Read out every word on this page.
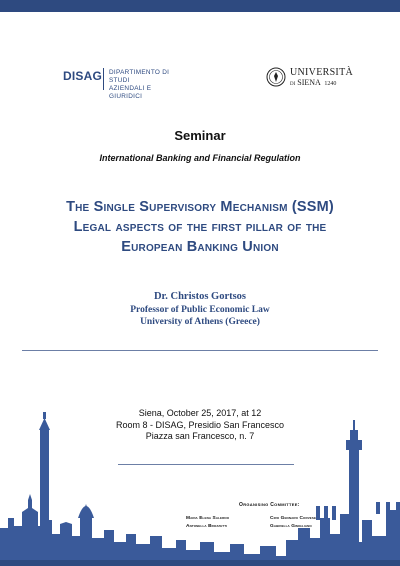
DISAG DIPARTIMENTO DI STUDI
AZIENDALI E GIURIDICI
UNIVERSITÀ
DI SIENA 1240
Seminar
International Banking and Financial Regulation
The Single Supervisory Mechanism (SSM)
Legal aspects of the first pillar of the
European Banking Union
Dr. Christos Gortsos
Professor of Public Economic Law
University of Athens (Greece)
Siena, October 25, 2017, at 12
Room 8 - DISAG, Presidio San Francesco
Piazza san Francesco, n. 7
Organising Committee:
Maria Elena Salerno	Ciro Gennaro Corvese
Antonella Brozzetti	Gabriella Gimigliano
